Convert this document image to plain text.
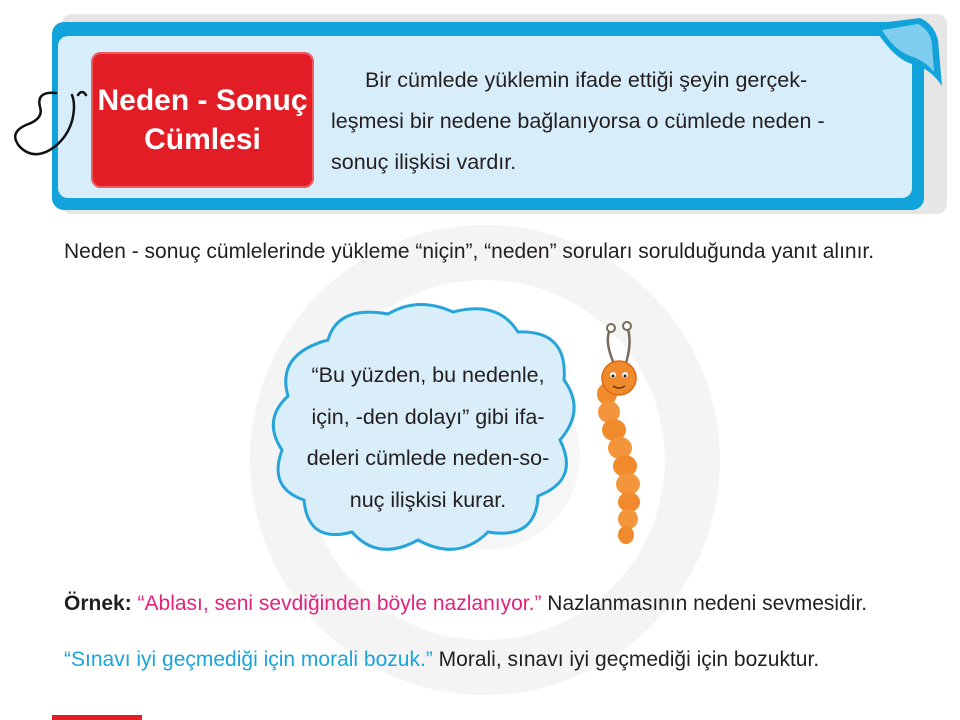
Neden - Sonuç
Cümlesi
Bir cümlede yüklemin ifade ettiği şeyin gerçek-
leşmesi bir nedene bağlanıyorsa o cümlede neden -
sonuç ilişkisi vardır.
Neden - sonuç cümlelerinde yükleme “niçin”, “neden” soruları sorulduğunda yanıt alınır.
“Bu yüzden, bu nedenle,
için, -den dolayı” gibi ifa-
deleri cümlede neden-so-
nuç ilişkisi kurar.
Örnek: “Ablası, seni sevdiğinden böyle nazlanıyor.” Nazlanmasının nedeni sevmesidir.
“Sınavı iyi geçmediği için morali bozuk.” Morali, sınavı iyi geçmediği için bozuktur.
